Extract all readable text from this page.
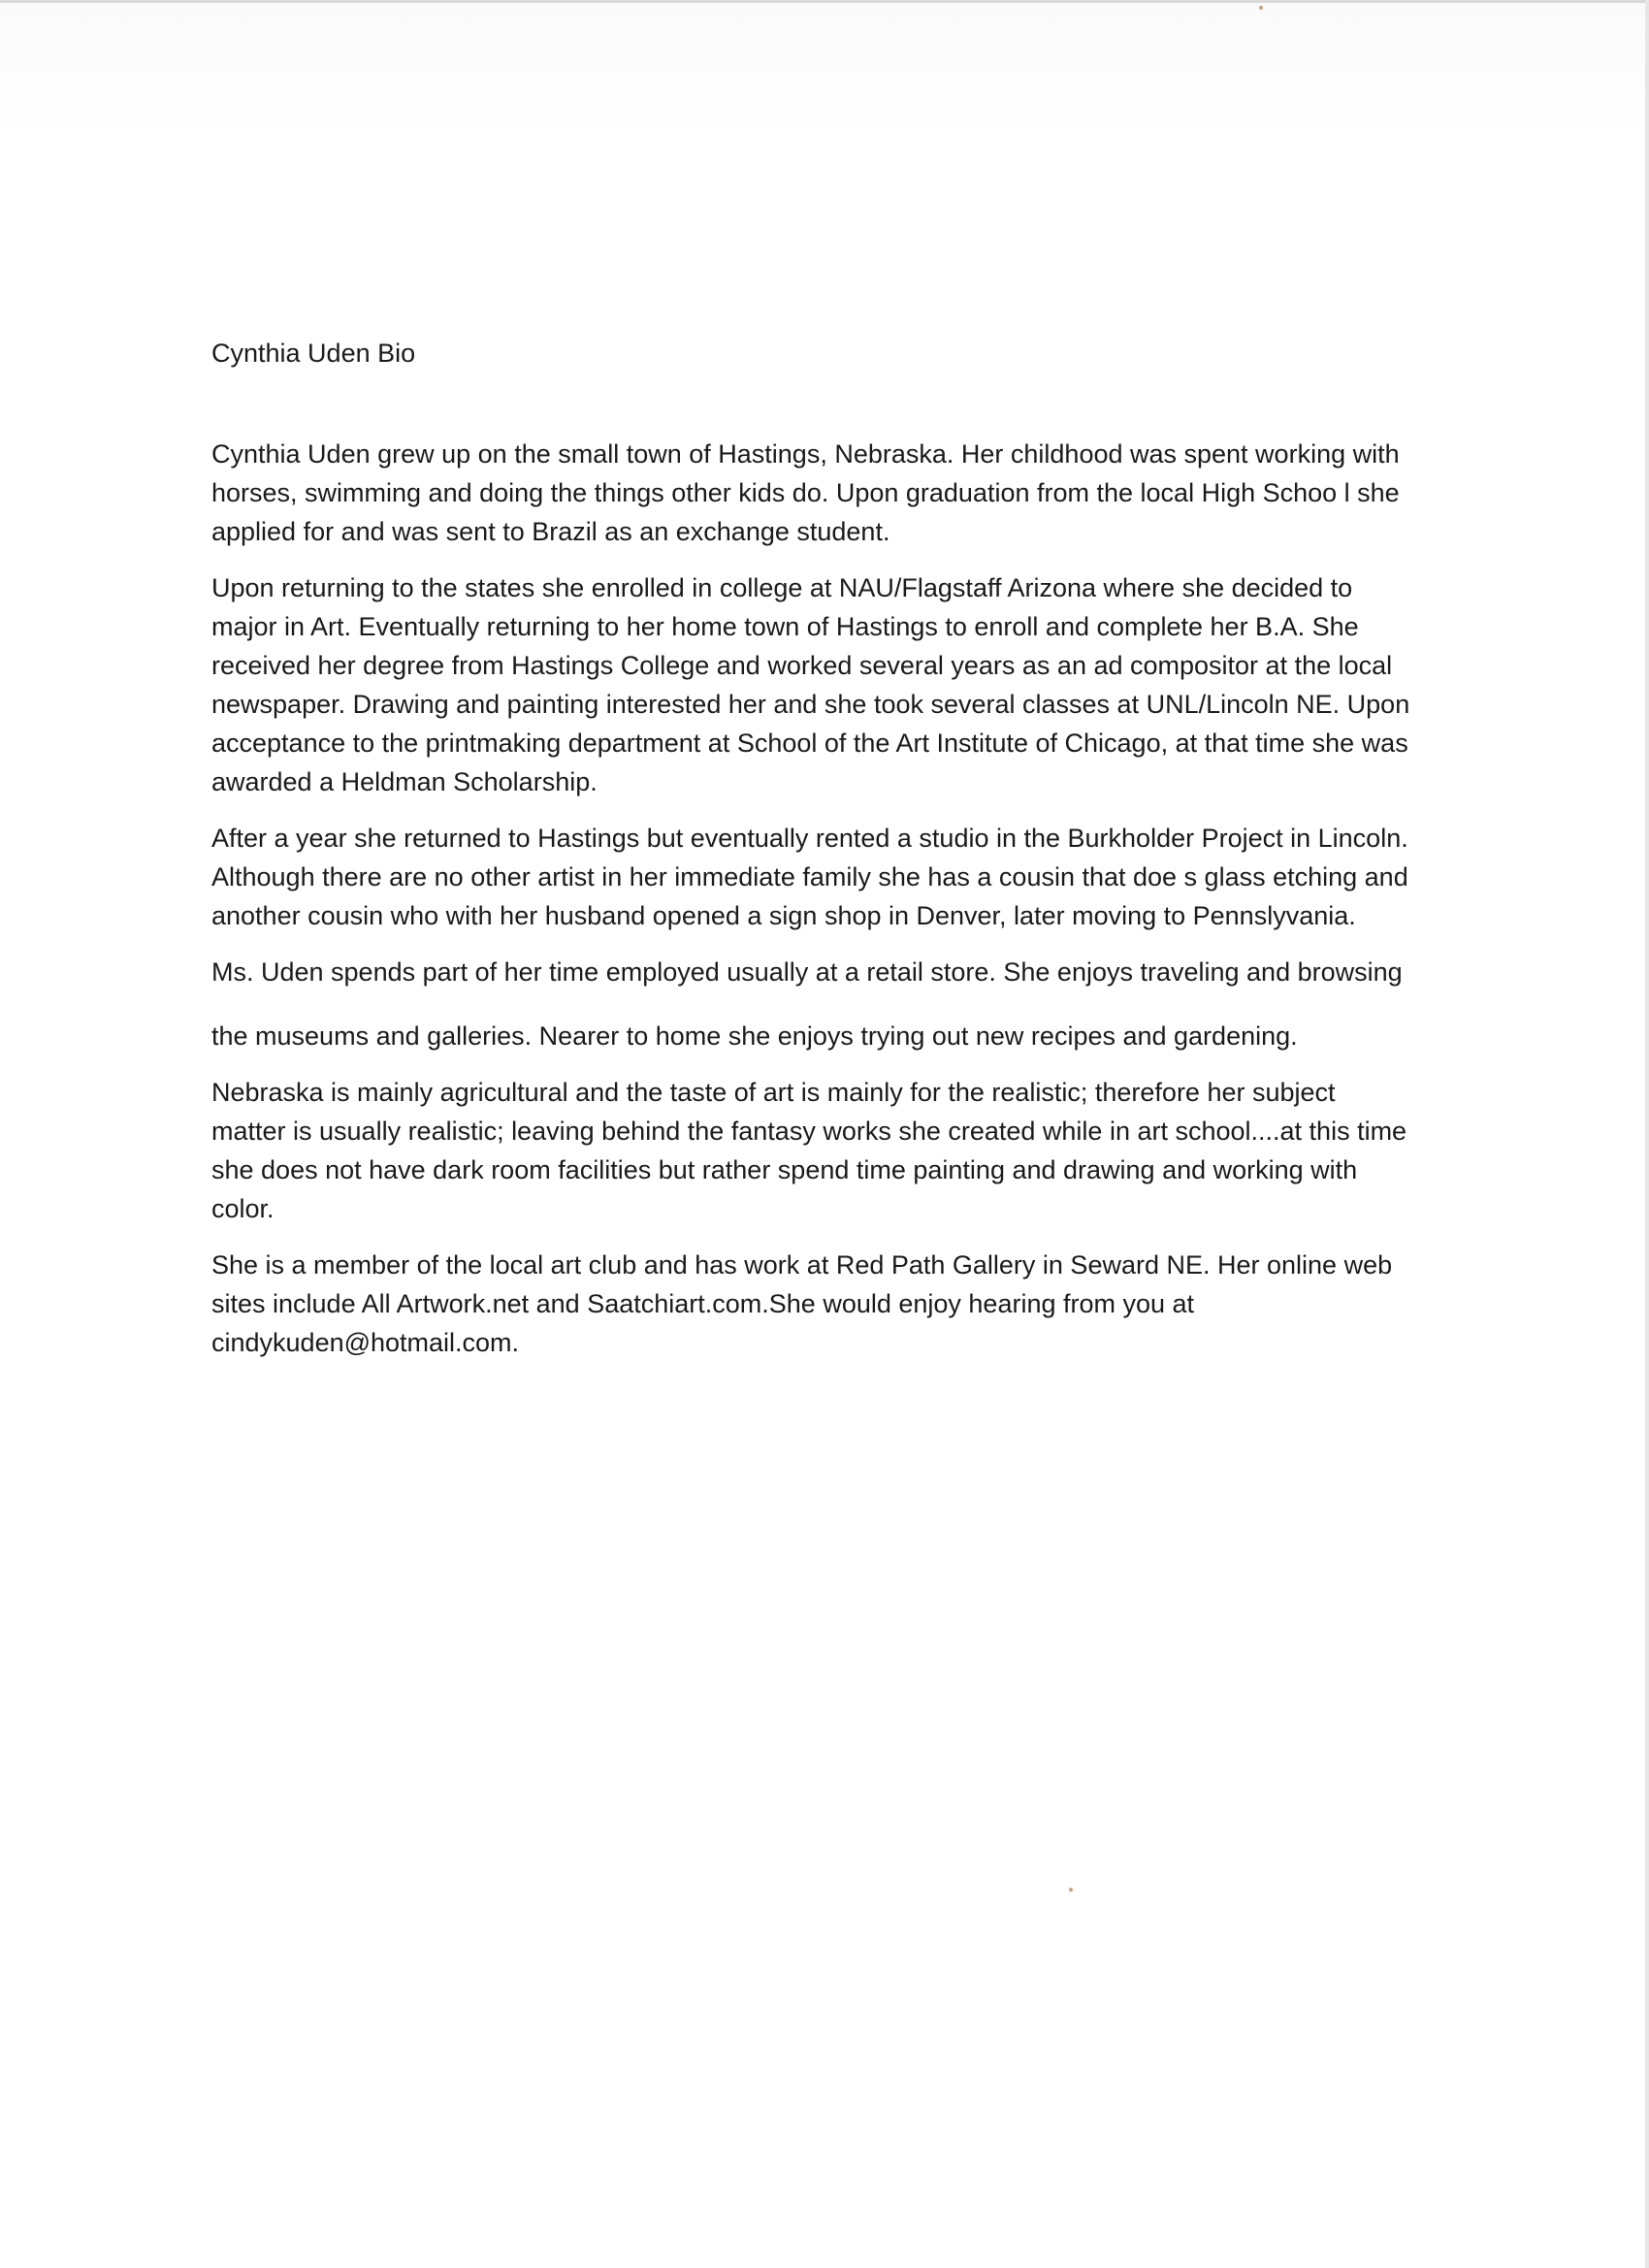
Cynthia Uden Bio
Cynthia Uden grew up on the small town of Hastings, Nebraska. Her childhood was spent working with
horses, swimming and doing the things other kids do. Upon graduation from the local High Schoo l she
applied for and was sent to Brazil as an exchange student.
Upon returning to the states she enrolled in college at NAU/Flagstaff Arizona where she decided to
major in Art. Eventually returning to her home town of Hastings to enroll and complete her B.A. She
received her degree from Hastings College and worked several years as an ad compositor at the local
newspaper. Drawing and painting interested her and she took several classes at UNL/Lincoln NE. Upon
acceptance to the printmaking department at School of the Art Institute of Chicago, at that time she was
awarded a Heldman Scholarship.
After a year she returned to Hastings but eventually rented a studio in the Burkholder Project in Lincoln.
Although there are no other artist in her immediate family she has a cousin that doe s glass etching and
another cousin who with her husband opened a sign shop in Denver, later moving to Pennslyvania.
Ms. Uden spends part of her time employed usually at a retail store. She enjoys traveling and browsing
the museums and galleries. Nearer to home she enjoys trying out new recipes and gardening.
Nebraska is mainly agricultural and the taste of art is mainly for the realistic; therefore her subject
matter is usually realistic; leaving behind the fantasy works she created while in art school....at this time
she does not have dark room facilities but rather spend time painting and drawing and working with
color.
She is a member of the local art club and has work at Red Path Gallery in Seward NE. Her online web
sites include All Artwork.net and Saatchiart.com.She would enjoy hearing from you at
cindykuden@hotmail.com.
